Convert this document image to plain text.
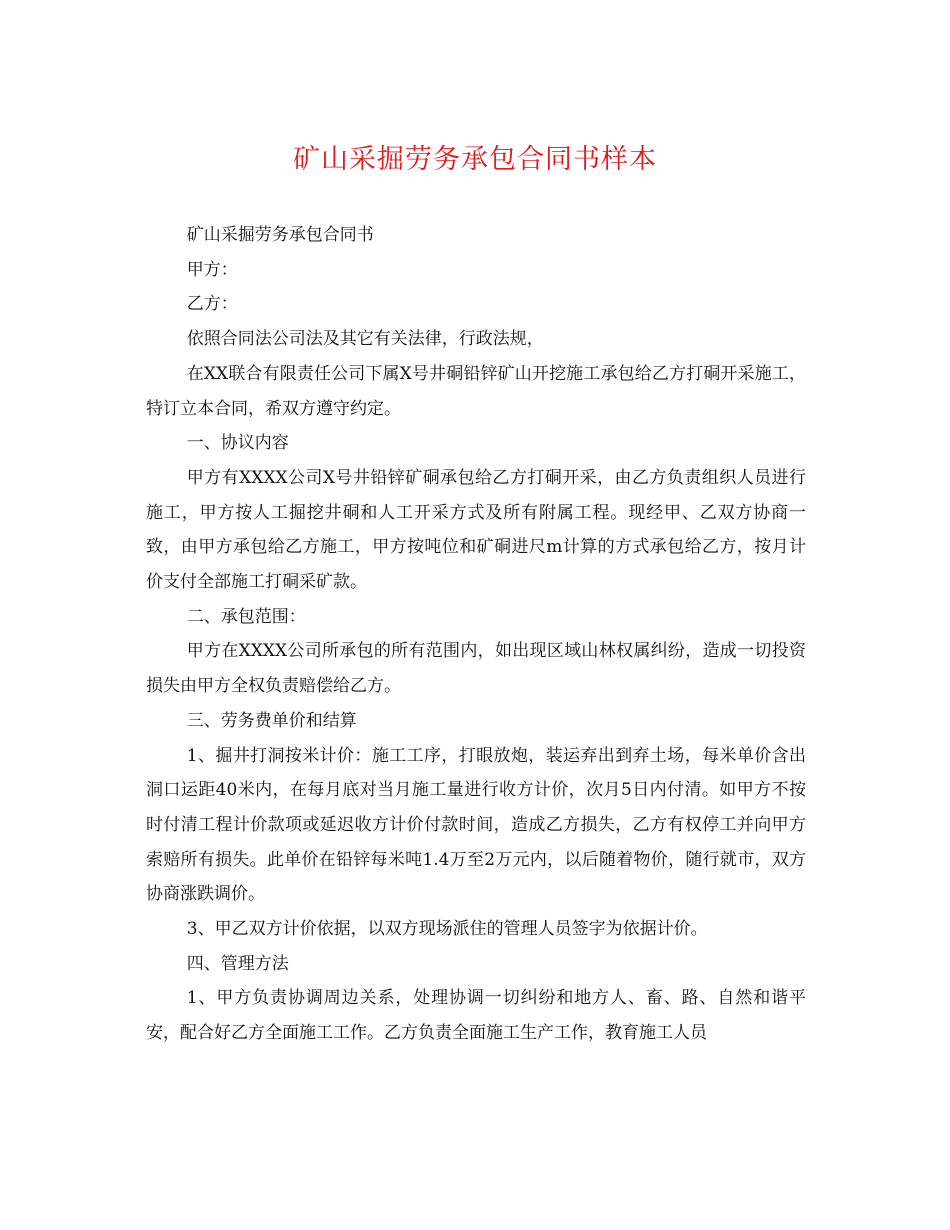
矿山采掘劳务承包合同书样本

矿山采掘劳务承包合同书

甲方：

乙方：

依照合同法公司法及其它有关法律，行政法规，

在XX联合有限责任公司下属X号井硐铅锌矿山开挖施工承包给乙方打硐开采施工，特订立本合同，希双方遵守约定。

一、协议内容

甲方有XXXX公司X号井铅锌矿硐承包给乙方打硐开采，由乙方负责组织人员进行施工，甲方按人工掘挖井硐和人工开采方式及所有附属工程。现经甲、乙双方协商一致，由甲方承包给乙方施工，甲方按吨位和矿硐进尺m计算的方式承包给乙方，按月计价支付全部施工打硐采矿款。

二、承包范围：

甲方在XXXX公司所承包的所有范围内，如出现区域山林权属纠纷，造成一切投资损失由甲方全权负责赔偿给乙方。

三、劳务费单价和结算

1、掘井打洞按米计价：施工工序，打眼放炮，装运弃出到弃土场，每米单价含出洞口运距40米内，在每月底对当月施工量进行收方计价，次月5日内付清。如甲方不按时付清工程计价款项或延迟收方计价付款时间，造成乙方损失，乙方有权停工并向甲方索赔所有损失。此单价在铅锌每米吨1.4万至2万元内，以后随着物价，随行就市，双方协商涨跌调价。

3、甲乙双方计价依据，以双方现场派住的管理人员签字为依据计价。

四、管理方法

1、甲方负责协调周边关系，处理协调一切纠纷和地方人、畜、路、自然和谐平安，配合好乙方全面施工工作。乙方负责全面施工生产工作，教育施工人员
